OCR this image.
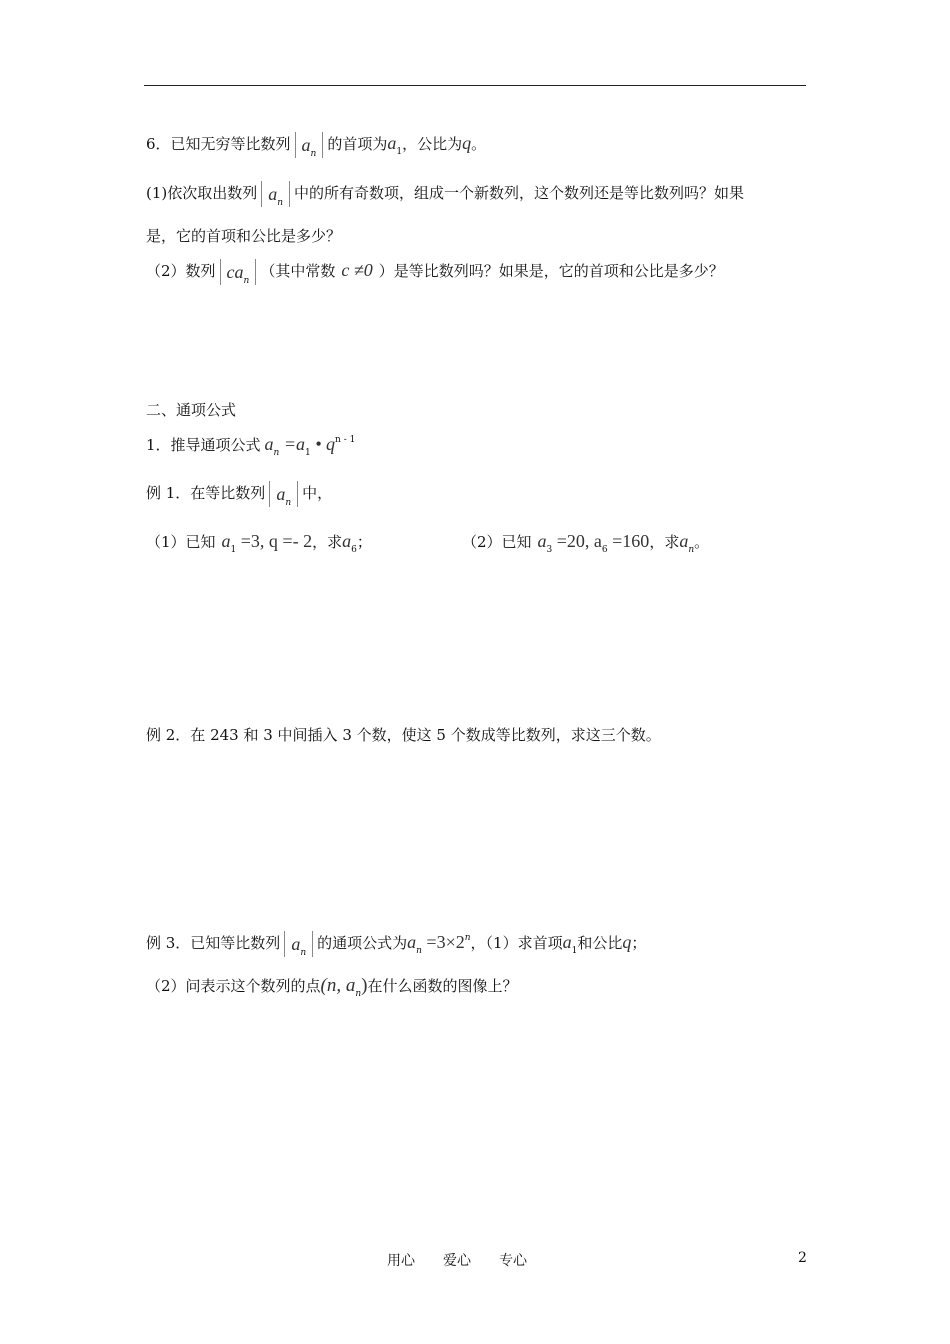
6．已知无穷等比数列 $a_n$的首项为$a_1$，公比为q。
(1)依次取出数列 $a_n$中的所有奇数项，组成一个新数列，这个数列还是等比数列吗？如果
是，它的首项和公比是多少？
（2）数列 $ca_n$（其中常数 c ≠0 ）是等比数列吗？如果是，它的首项和公比是多少？
二、通项公式
1．推导通项公式 $a_n =a_1$ • $q^{n - 1}$
例 1．在等比数列 $a_n$中，
（1）已知 $a_1 =3$, q =- 2，求$a_6$；	（2）已知 $a_3 =20$, $a_6 =160$，求$a_n$。
例 2．在 243 和 3 中间插入 3 个数，使这 5 个数成等比数列，求这三个数。
例 3．已知等比数列 $a_n$的通项公式为$a_n =3\times 2^n$，（1）求首项$a_1$和公比q；
（2）问表示这个数列的点(n, $a_n$)在什么函数的图像上？
用心　　爱心　　专心	2
